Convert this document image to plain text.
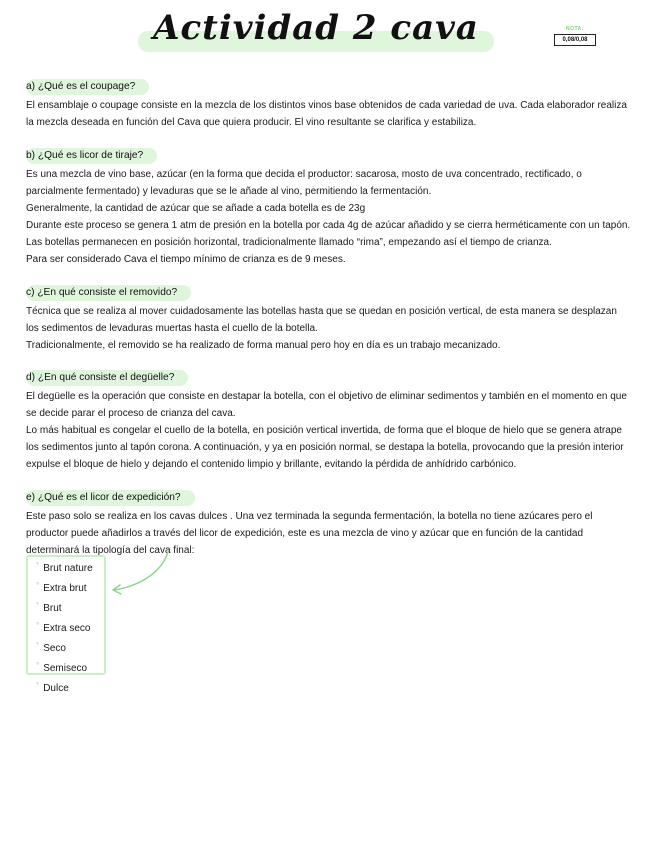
Actividad 2 cava	NOTA:
0,08/0,08
a) ¿Qué es el coupage?

El ensamblaje o coupage consiste en la mezcla de los distintos vinos base obtenidos de cada variedad de uva. Cada elaborador realiza la mezcla deseada en función del Cava que quiera producir. El vino resultante se clarifica y estabiliza.

b) ¿Qué es licor de tiraje?

Es una mezcla de vino base, azúcar (en la forma que decida el productor: sacarosa, mosto de uva concentrado, rectificado, o parcialmente fermentado) y levaduras que se le añade al vino, permitiendo la fermentación.

Generalmente, la cantidad de azúcar que se añade a cada botella es de 23g

Durante este proceso se genera 1 atm de presión en la botella por cada 4g de azúcar añadido y se cierra herméticamente con un tapón. Las botellas permanecen en posición horizontal, tradicionalmente llamado “rima”, empezando así el tiempo de crianza.

Para ser considerado Cava el tiempo mínimo de crianza es de 9 meses.

c) ¿En qué consiste el removido?

Técnica que se realiza al mover cuidadosamente las botellas hasta que se quedan en posición vertical, de esta manera se desplazan los sedimentos de levaduras muertas hasta el cuello de la botella.

Tradicionalmente, el removido se ha realizado de forma manual pero hoy en día es un trabajo mecanizado.

d) ¿En qué consiste el degüelle?

El degüelle es la operación que consiste en destapar la botella, con el objetivo de eliminar sedimentos y también en el momento en que se decide parar el proceso de crianza del cava.

Lo más habitual es congelar el cuello de la botella, en posición vertical invertida, de forma que el bloque de hielo que se genera atrape los sedimentos junto al tapón corona. A continuación, y ya en posición normal, se destapa la botella, provocando que la presión interior expulse el bloque de hielo y dejando el contenido limpio y brillante, evitando la pérdida de anhídrido carbónico.

e) ¿Qué es el licor de expedición?

Este paso solo se realiza en los cavas dulces . Una vez terminada la segunda fermentación, la botella no tiene azúcares pero el productor puede añadirlos a través del licor de expedición, este es una mezcla de vino y azúcar que en función de la cantidad determinará la tipología del cava final:

° Brut nature
° Extra brut
° Brut
° Extra seco
° Seco
° Semiseco
° Dulce
